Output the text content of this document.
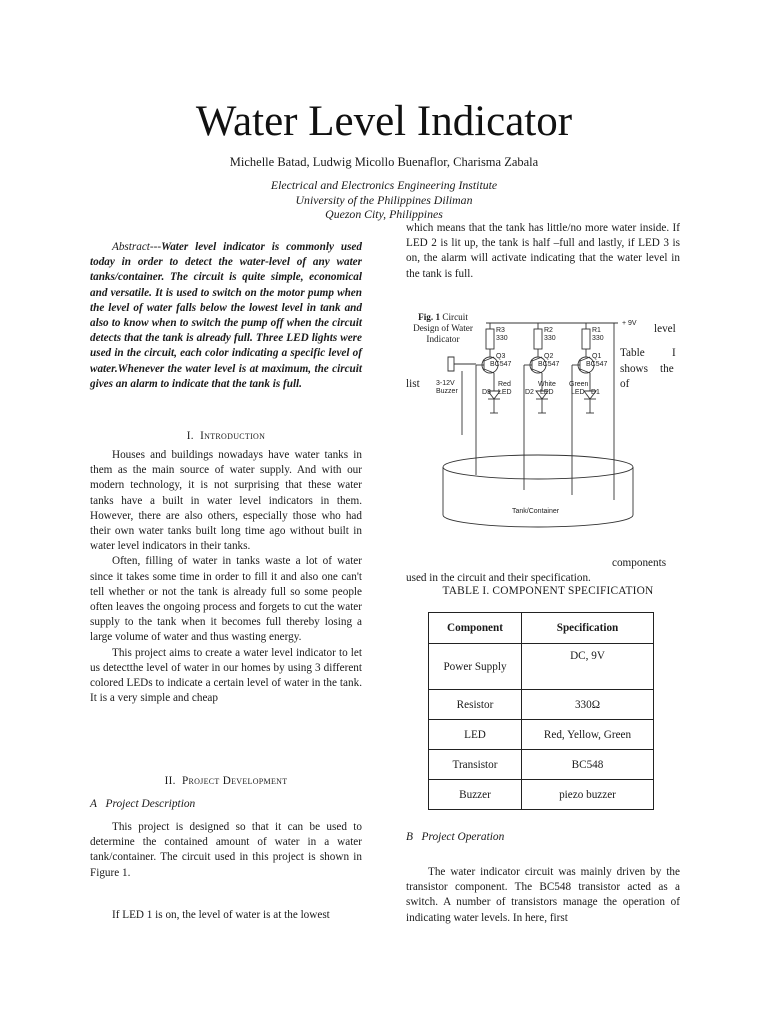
Water Level Indicator
Michelle Batad, Ludwig Micollo Buenaflor, Charisma Zabala
Electrical and Electronics Engineering Institute
University of the Philippines Diliman
Quezon City, Philippines

Abstract---Water level indicator is commonly used today in order to detect the water-level of any water tanks/container. The circuit is quite simple, economical and versatile. It is used to switch on the motor pump when the level of water falls below the lowest level in tank and also to know when to switch the pump off when the circuit detects that the tank is already full. Three LED lights were used in the circuit, each color indicating a specific level of water.Whenever the water level is at maximum, the circuit gives an alarm to indicate that the tank is full.

I. Introduction

Houses and buildings nowadays have water tanks in them as the main source of water supply. And with our modern technology, it is not surprising that these water tanks have a built in water level indicators in them. However, there are also others, especially those who had their own water tanks built long time ago without built in water level indicators in their tanks.

Often, filling of water in tanks waste a lot of water since it takes some time in order to fill it and also one can't tell whether or not the tank is already full so some people often leaves the ongoing process and forgets to cut the water supply to the tank when it becomes full thereby losing a large volume of water and thus wasting energy.

This project aims to create a water level indicator to let us detectthe level of water in our homes by using 3 different colored LEDs to indicate a certain level of water in the tank. It is a very simple and cheap

II. Project Development
A Project Description

This project is designed so that it can be used to determine the contained amount of water in a water tank/container. The circuit used in this project is shown in Figure 1.

If LED 1 is on, the level of water is at the lowest

which means that the tank has little/no more water inside. If LED 2 is lit up, the tank is half –full and lastly, if LED 3 is on, the alarm will activate indicating that the water level in the tank is full.

Fig. 1 Circuit Design of Water Indicator
+ 9V
R3
330
R2
330
R1
330
Q3
BC547
Q2
BC547
Q1
BC547
3-12V
Buzzer
Red
LED
D3
White
LED
D2
Green
LED D1
Tank/Container
level
Table I
shows the
list	of
components
used in the circuit and their specification.
TABLE I. COMPONENT SPECIFICATION
Component	Specification
Power Supply	DC, 9V
Resistor	330Ω
LED	Red, Yellow, Green
Transistor	BC548
Buzzer	piezo buzzer
B Project Operation

The water indicator circuit was mainly driven by the transistor component. The BC548 transistor acted as a switch. A number of transistors manage the operation of indicating water levels. In here, first
